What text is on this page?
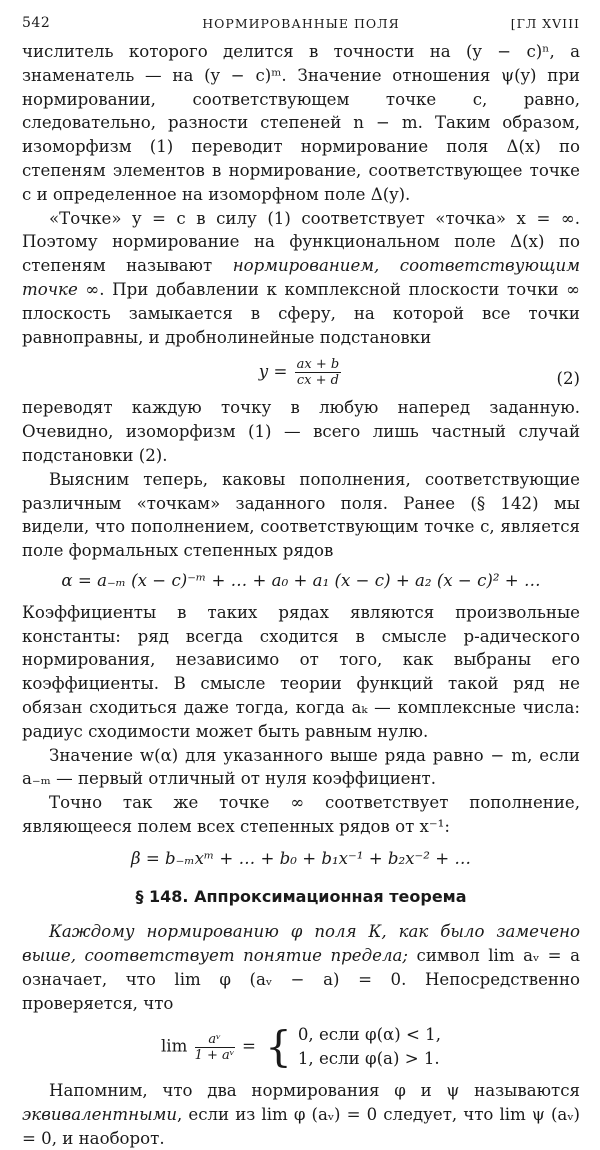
542	НОРМИРОВАННЫЕ ПОЛЯ	[ГЛ XVIII

числитель которого делится в точности на (y − c)ⁿ, а знаменатель — на (y − c)ᵐ. Значение отношения ψ(y) при нормировании, соответствующем точке c, равно, следовательно, разности степеней n − m. Таким образом, изоморфизм (1) переводит нормирование поля Δ(x) по степеням элементов в нормирование, соответствующее точке c и определенное на изоморфном поле Δ(y).

«Точке» y = c в силу (1) соответствует «точка» x = ∞. Поэтому нормирование на функциональном поле Δ(x) по степеням называют нормированием, соответствующим точке ∞. При добавлении к комплексной плоскости точки ∞ плоскость замыкается в сферу, на которой все точки равноправны, и дробнолинейные подстановки

$y = \frac{ax + b}{cx + d}$	(2)

переводят каждую точку в любую наперед заданную. Очевидно, изоморфизм (1) — всего лишь частный случай подстановки (2).

Выясним теперь, каковы пополнения, соответствующие различным «точкам» заданного поля. Ранее (§ 142) мы видели, что пополнением, соответствующим точке c, является поле формальных степенных рядов

α = a₋ₘ (x − c)⁻ᵐ + … + a₀ + a₁ (x − c) + a₂ (x − c)² + …

Коэффициенты в таких рядах являются произвольные константы: ряд всегда сходится в смысле p-адического нормирования, независимо от того, как выбраны его коэффициенты. В смысле теории функций такой ряд не обязан сходиться даже тогда, когда aₖ — комплексные числа: радиус сходимости может быть равным нулю.

Значение w(α) для указанного выше ряда равно − m, если a₋ₘ — первый отличный от нуля коэффициент.

Точно так же точке ∞ соответствует пополнение, являющееся полем всех степенных рядов от x⁻¹:

β = b₋ₘxᵐ + … + b₀ + b₁x⁻¹ + b₂x⁻² + …
§ 148. Аппроксимационная теорема

Каждому нормированию φ поля К, как было замечено выше, соответствует понятие предела; символ lim aᵥ = a означает, что lim φ (aᵥ − a) = 0. Непосредственно проверяется, что

$\lim \frac{\text{aᵛ}}{\text{1 + aᵛ}}$ = { 0, если φ(α) < 1,
1, если φ(a) > 1.

Напомним, что два нормирования φ и ψ называются эквивалентными, если из lim φ (aᵥ) = 0 следует, что lim ψ (aᵥ) = 0, и наоборот.
